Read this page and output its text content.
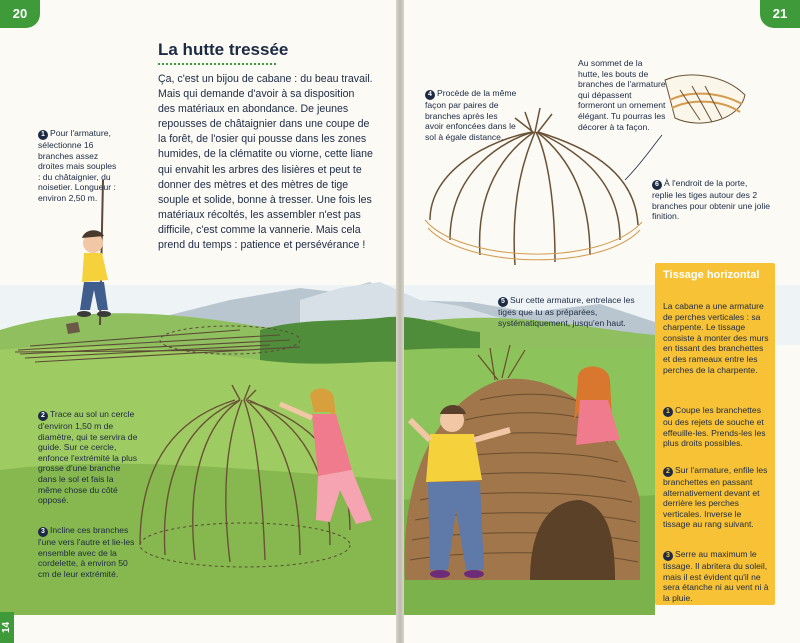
20	21
14
La hutte tressée
Ça, c'est un bijou de cabane : du beau travail. Mais qui demande d'avoir à sa disposition des matériaux en abondance. De jeunes repousses de châtaignier dans une coupe de la forêt, de l'osier qui pousse dans les zones humides, de la clématite ou viorne, cette liane qui envahit les arbres des lisières et peut te donner des mètres et des mètres de tige souple et solide, bonne à tresser. Une fois les matériaux récoltés, les assembler n'est pas difficile, c'est comme la vannerie. Mais cela prend du temps : patience et persévérance !
1 Pour l'armature, sélectionne 16 branches assez droites mais souples : du châtaignier, du noisetier. Longueur : environ 2,50 m.
2 Trace au sol un cercle d'environ 1,50 m de diamètre, qui te servira de guide. Sur ce cercle, enfonce l'extrémité la plus grosse d'une branche dans le sol et fais la même chose du côté opposé.
3 Incline ces branches l'une vers l'autre et lie-les ensemble avec de la cordelette, à environ 50 cm de leur extrémité.
4 Procède de la même façon par paires de branches après les avoir enfoncées dans le sol à égale distance.
5 Sur cette armature, entrelace les tiges que tu as préparées, systématiquement, jusqu'en haut.
6 À l'endroit de la porte, replie les tiges autour des 2 branches pour obtenir une jolie finition.
Au sommet de la hutte, les bouts de branches de l'armature qui dépassent formeront un ornement élégant. Tu pourras les décorer à ta façon.
Tissage horizontal
La cabane a une armature de perches verticales : sa charpente. Le tissage consiste à monter des murs en tissant des branchettes et des rameaux entre les perches de la charpente.
1 Coupe les branchettes ou des rejets de souche et effeuille-les. Prends-les les plus droits possibles.
2 Sur l'armature, enfile les branchettes en passant alternativement devant et derrière les perches verticales. Inverse le tissage au rang suivant.
3 Serre au maximum le tissage. Il abritera du soleil, mais il est évident qu'il ne sera étanche ni au vent ni à la pluie.
